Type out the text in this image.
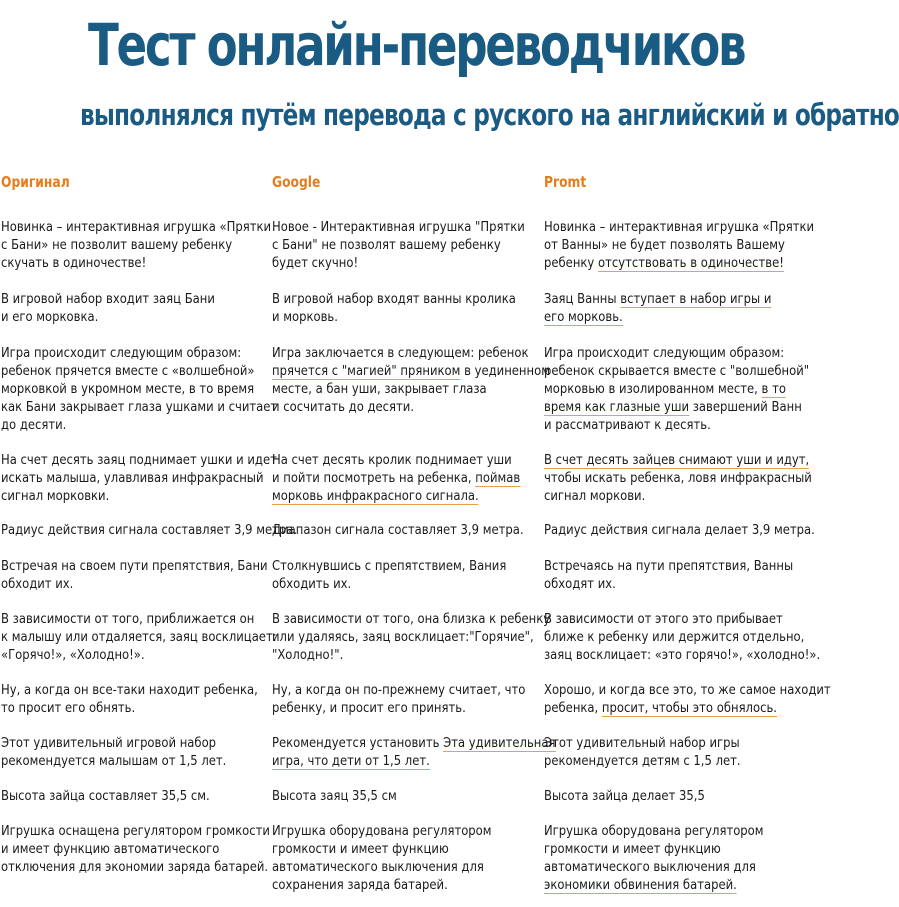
Тест онлайн-переводчиков
выполнялся путём перевода с руского на английский и обратно
Оригинал	Google	Promt
Новинка – интерактивная игрушка «Прятки
с Бани» не позволит вашему ребенку
скучать в одиночестве!
В игровой набор входит заяц Бани
и его морковка.
Игра происходит следующим образом:
ребенок прячется вместе с «волшебной»
морковкой в укромном месте, в то время
как Бани закрывает глаза ушками и считает
до десяти.
На счет десять заяц поднимает ушки и идет
искать малыша, улавливая инфракрасный
сигнал морковки.
Радиус действия сигнала составляет 3,9 метра.
Встречая на своем пути препятствия, Бани
обходит их.
В зависимости от того, приближается он
к малышу или отдаляется, заяц восклицает:
«Горячо!», «Холодно!».
Ну, а когда он все-таки находит ребенка,
то просит его обнять.
Этот удивительный игровой набор
рекомендуется малышам от 1,5 лет.
Высота зайца составляет 35,5 см.
Игрушка оснащена регулятором громкости
и имеет функцию автоматического
отключения для экономии заряда батарей.
Новое - Интерактивная игрушка "Прятки
с Бани" не позволят вашему ребенку
будет скучно!
В игровой набор входят ванны кролика
и морковь.
Игра заключается в следующем: ребенок
прячется с "магией" пряником в уединенном
месте, а бан уши, закрывает глаза
и сосчитать до десяти.
На счет десять кролик поднимает уши
и пойти посмотреть на ребенка, поймав
морковь инфракрасного сигнала.
Диапазон сигнала составляет 3,9 метра.
Столкнувшись с препятствием, Вания
обходить их.
В зависимости от того, она близка к ребенку
или удаляясь, заяц восклицает:"Горячие",
"Холодно!".
Ну, а когда он по-прежнему считает, что
ребенку, и просит его принять.
Рекомендуется установить Эта удивительная
игра, что дети от 1,5 лет.
Высота заяц 35,5 см
Игрушка оборудована регулятором
громкости и имеет функцию
автоматического выключения для
сохранения заряда батарей.
Новинка – интерактивная игрушка «Прятки
от Ванны» не будет позволять Вашему
ребенку отсутствовать в одиночестве!
Заяц Ванны вступает в набор игры и
его морковь.
Игра происходит следующим образом:
ребенок скрывается вместе с "волшебной"
морковью в изолированном месте, в то
время как глазные уши завершений Ванн
и рассматривают к десять.
В счет десять зайцев снимают уши и идут,
чтобы искать ребенка, ловя инфракрасный
сигнал моркови.
Радиус действия сигнала делает 3,9 метра.
Встречаясь на пути препятствия, Ванны
обходят их.
В зависимости от этого это прибывает
ближе к ребенку или держится отдельно,
заяц восклицает: «это горячо!», «холодно!».
Хорошо, и когда все это, то же самое находит
ребенка, просит, чтобы это обнялось.
Этот удивительный набор игры
рекомендуется детям с 1,5 лет.
Высота зайца делает 35,5
Игрушка оборудована регулятором
громкости и имеет функцию
автоматического выключения для
экономики обвинения батарей.
